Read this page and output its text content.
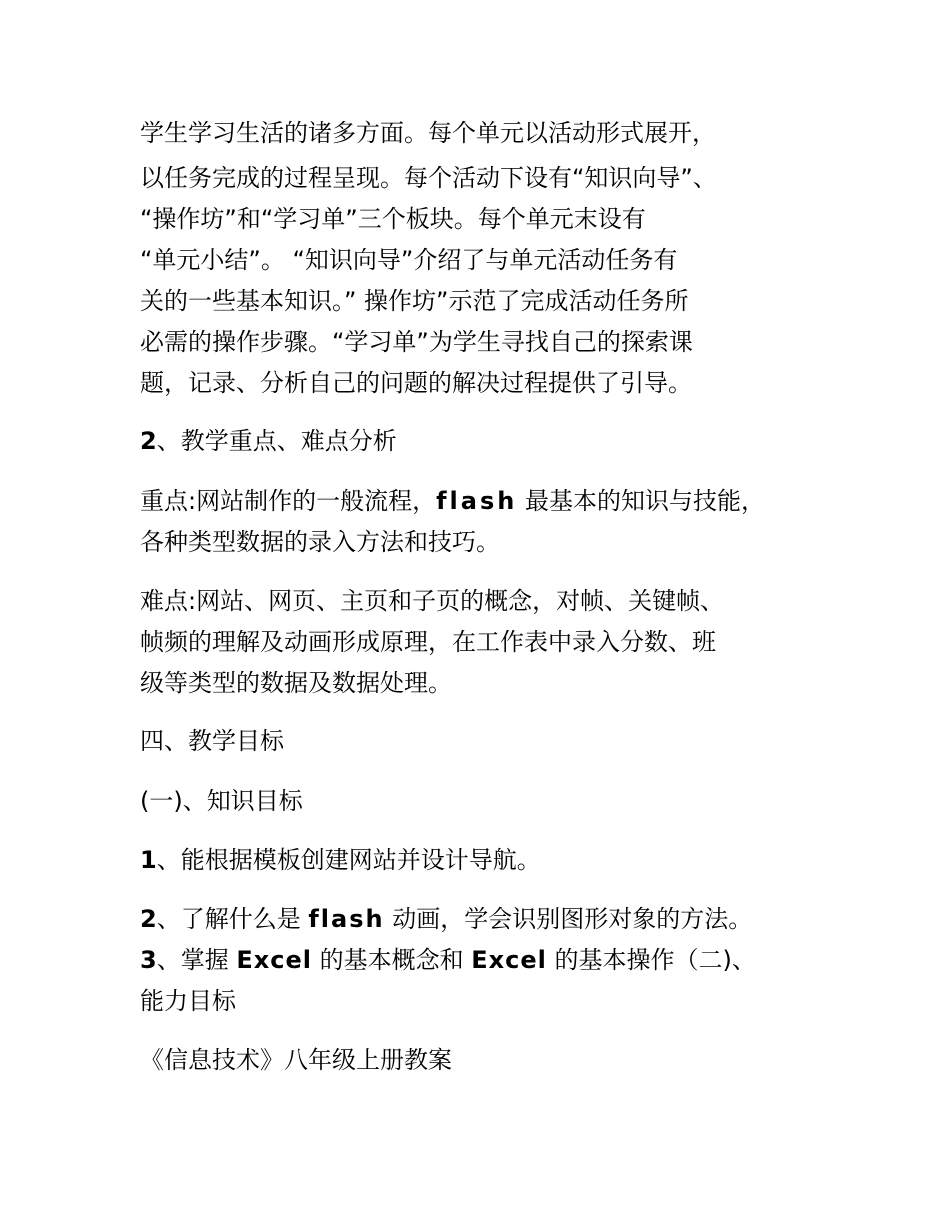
学生学习生活的诸多方面。每个单元以活动形式展开，
以任务完成的过程呈现。每个活动下设有“知识向导”、
“操作坊”和“学习单”三个板块。每个单元末设有
“单元小结”。 “知识向导”介绍了与单元活动任务有
关的一些基本知识。” 操作坊”示范了完成活动任务所
必需的操作步骤。“学习单”为学生寻找自己的探索课
题，记录、分析自己的问题的解决过程提供了引导。
2、教学重点、难点分析
重点:网站制作的一般流程，flash 最基本的知识与技能，
各种类型数据的录入方法和技巧。
难点:网站、网页、主页和子页的概念，对帧、关键帧、
帧频的理解及动画形成原理，在工作表中录入分数、班
级等类型的数据及数据处理。
四、教学目标
(一)、知识目标
1、能根据模板创建网站并设计导航。
2、了解什么是 flash 动画，学会识别图形对象的方法。
3、掌握 Excel 的基本概念和 Excel 的基本操作（二)、
能力目标
《信息技术》八年级上册教案
